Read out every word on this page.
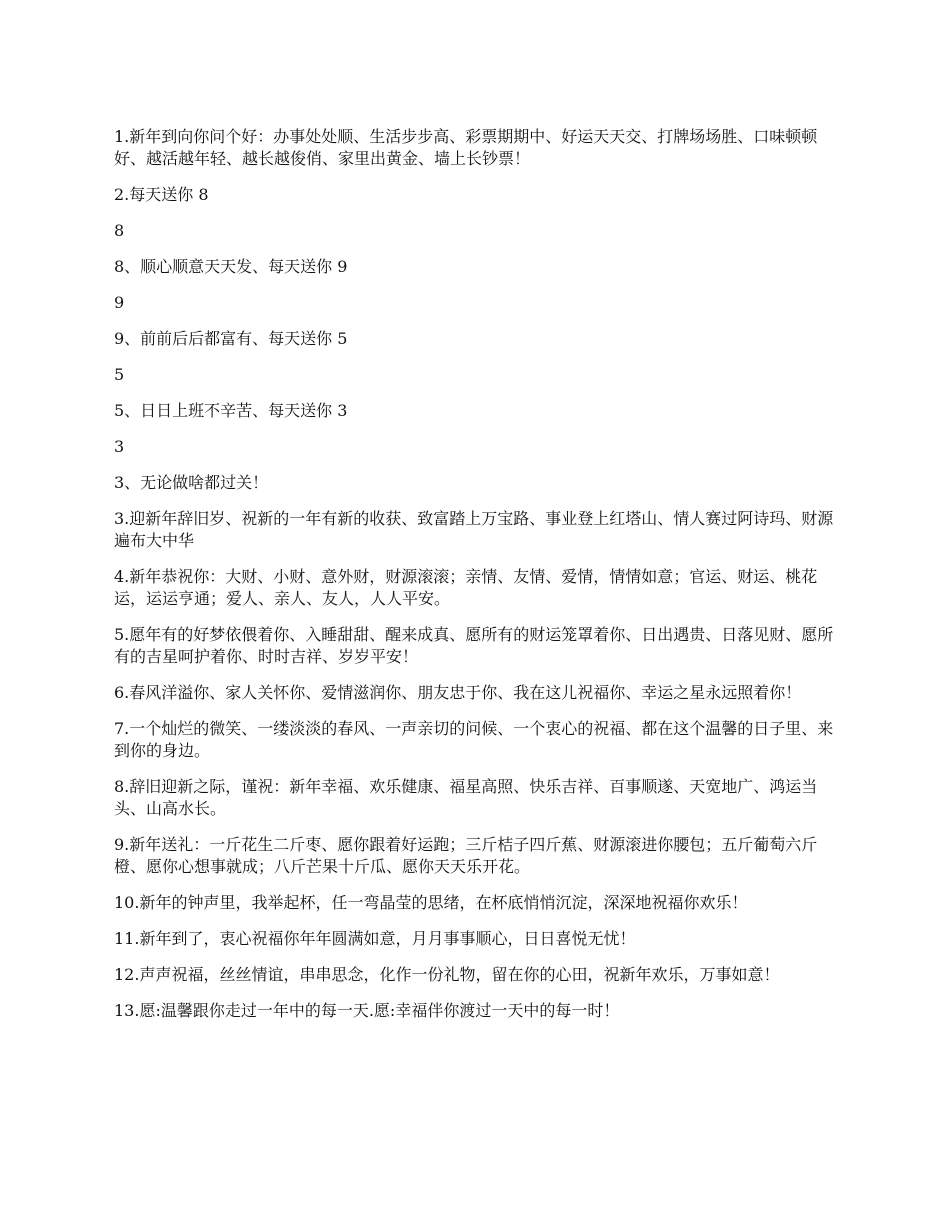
1.新年到向你问个好：办事处处顺、生活步步高、彩票期期中、好运天天交、打牌场场胜、口味顿顿好、越活越年轻、越长越俊俏、家里出黄金、墙上长钞票！

2.每天送你 8

8

8、顺心顺意天天发、每天送你 9

9

9、前前后后都富有、每天送你 5

5

5、日日上班不辛苦、每天送你 3

3

3、无论做啥都过关！

3.迎新年辞旧岁、祝新的一年有新的收获、致富踏上万宝路、事业登上红塔山、情人赛过阿诗玛、财源遍布大中华

4.新年恭祝你：大财、小财、意外财，财源滚滚；亲情、友情、爱情，情情如意；官运、财运、桃花运，运运亨通；爱人、亲人、友人，人人平安。

5.愿年有的好梦依偎着你、入睡甜甜、醒来成真、愿所有的财运笼罩着你、日出遇贵、日落见财、愿所有的吉星呵护着你、时时吉祥、岁岁平安！

6.春风洋溢你、家人关怀你、爱情滋润你、朋友忠于你、我在这儿祝福你、幸运之星永远照着你！

7.一个灿烂的微笑、一缕淡淡的春风、一声亲切的问候、一个衷心的祝福、都在这个温馨的日子里、来到你的身边。

8.辞旧迎新之际，谨祝：新年幸福、欢乐健康、福星高照、快乐吉祥、百事顺遂、天宽地广、鸿运当头、山高水长。

9.新年送礼：一斤花生二斤枣、愿你跟着好运跑；三斤桔子四斤蕉、财源滚进你腰包；五斤葡萄六斤橙、愿你心想事就成；八斤芒果十斤瓜、愿你天天乐开花。

10.新年的钟声里，我举起杯，任一弯晶莹的思绪，在杯底悄悄沉淀，深深地祝福你欢乐！

11.新年到了，衷心祝福你年年圆满如意，月月事事顺心，日日喜悦无忧！

12.声声祝福，丝丝情谊，串串思念，化作一份礼物，留在你的心田，祝新年欢乐，万事如意！

13.愿:温馨跟你走过一年中的每一天.愿:幸福伴你渡过一天中的每一时！
